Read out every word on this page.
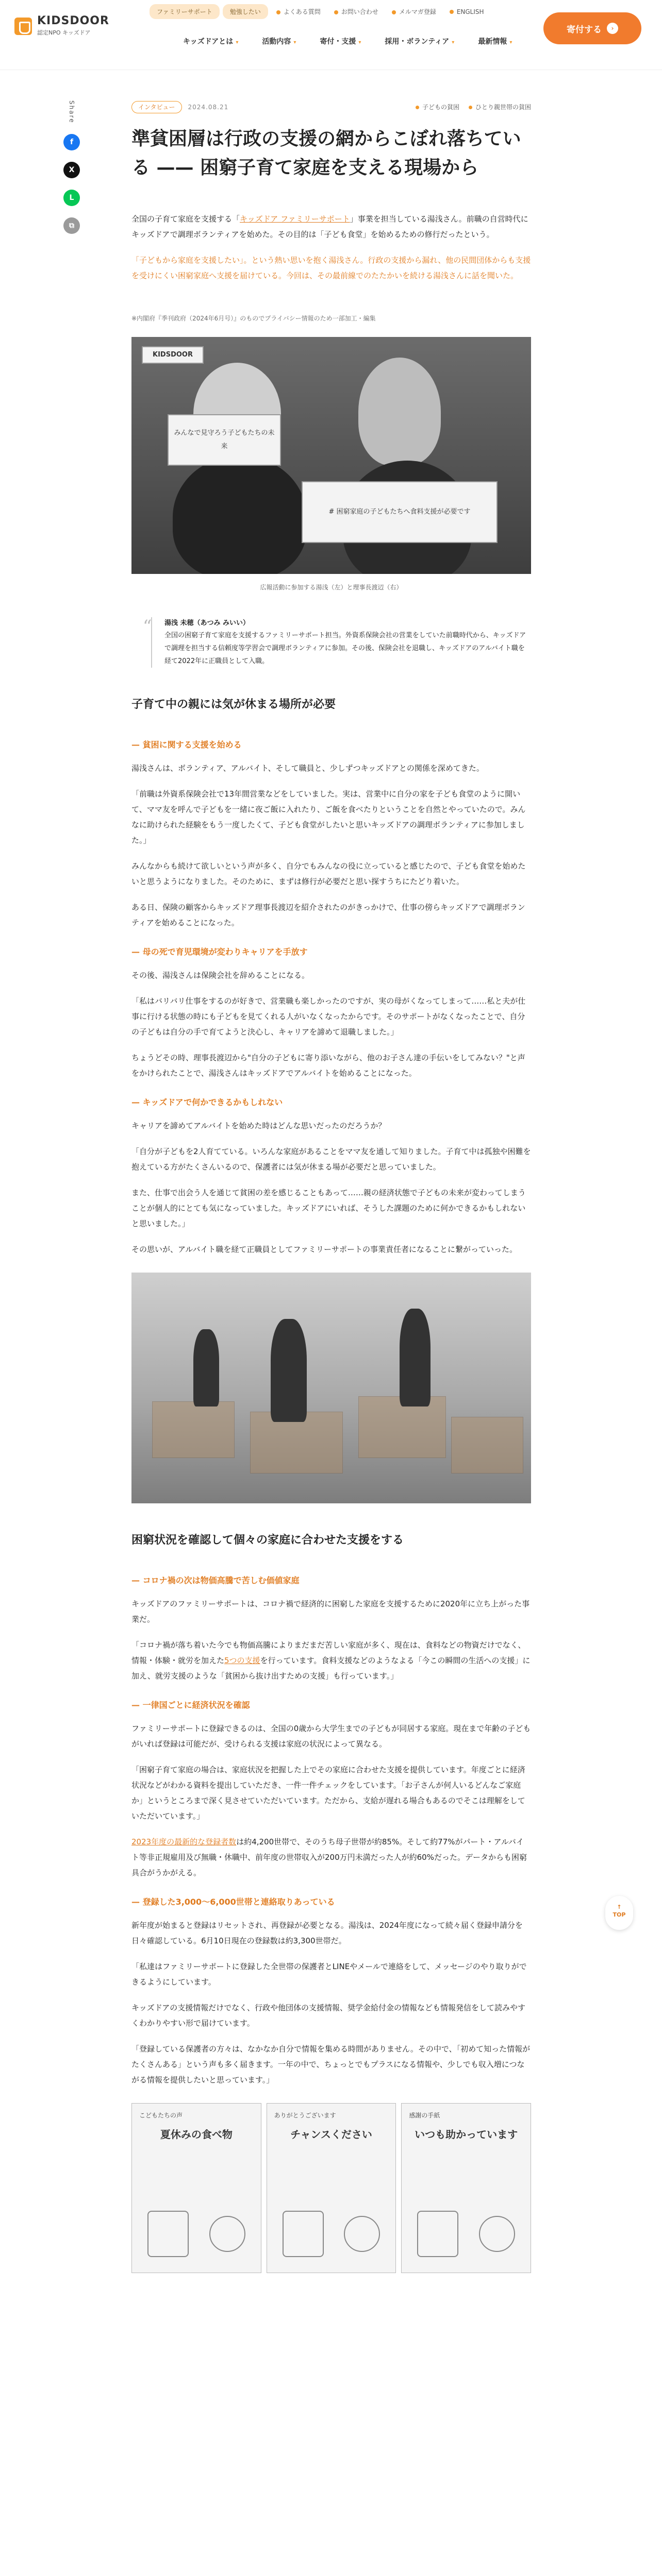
KIDSDOOR
認定NPO キッズドア
ファミリーサポート	勉強したい	よくある質問	お問い合わせ	メルマガ登録	ENGLISH
キッズドアとは ▾	活動内容 ▾	寄付・支援 ▾	採用・ボランティア ▾	最新情報 ▾
寄付する	›
Share
f
X
L
⧉
インタビュー	2024.08.21	子どもの貧困	ひとり親世帯の貧困
準貧困層は行政の支援の網からこぼれ落ちている —— 困窮子育て家庭を支える現場から

全国の子育て家庭を支援する「キッズドア ファミリーサポート」事業を担当している湯浅さん。前職の自営時代にキッズドアで調理ボランティアを始めた。その目的は「子ども食堂」を始めるための修行だったという。

「子どもから家庭を支援したい」。という熱い思いを抱く湯浅さん。行政の支援から漏れ、他の民間団体からも支援を受けにくい困窮家庭へ支援を届けている。今回は、その最前線でのたたかいを続ける湯浅さんに話を聞いた。

※内閣府『季刊政府（2024年6月号）』のものでプライバシー情報のため一部加工・編集
みんなで見守ろう子どもたちの未来
# 困窮家庭の子どもたちへ食料支援が必要です
KIDSDOOR
広報活動に参加する湯浅（左）と理事長渡辺（右）
“ 湯浅 未穂（あつみ みいい）
全国の困窮子育て家庭を支援するファミリーサポート担当。外資系保険会社の営業をしていた前職時代から、キッズドアで調理を担当する信頼度等学習会で調理ボランティアに参加。その後、保険会社を退職し、キッズドアのアルバイト職を経て2022年に正職員として入職。
子育て中の親には気が休まる場所が必要
— 貧困に関する支援を始める

湯浅さんは、ボランティア、アルバイト、そして職員と、少しずつキッズドアとの関係を深めてきた。

「前職は外資系保険会社で13年間営業などをしていました。実は、営業中に自分の家を子ども食堂のように開いて、ママ友を呼んで子どもを一緒に夜ご飯に入れたり、ご飯を食べたりということを自然とやっていたので。みんなに助けられた経験をもう一度したくて、子ども食堂がしたいと思いキッズドアの調理ボランティアに参加しました。」

みんなからも続けて欲しいという声が多く、自分でもみんなの役に立っていると感じたので、子ども食堂を始めたいと思うようになりました。そのために、まずは修行が必要だと思い探すうちにたどり着いた。

ある日、保険の顧客からキッズドア理事長渡辺を紹介されたのがきっかけで、仕事の傍らキッズドアで調理ボランティアを始めることになった。

— 母の死で育児環境が変わりキャリアを手放す

その後、湯浅さんは保険会社を辞めることになる。

「私はバリバリ仕事をするのが好きで、営業職も楽しかったのですが、実の母がくなってしまって……私と夫が仕事に行ける状態の時にも子どもを見てくれる人がいなくなったからです。そのサポートがなくなったことで、自分の子どもは自分の手で育てようと決心し、キャリアを諦めて退職しました。」

ちょうどその時、理事長渡辺から"自分の子どもに寄り添いながら、他のお子さん達の手伝いをしてみない？"と声をかけられたことで、湯浅さんはキッズドアでアルバイトを始めることになった。

— キッズドアで何かできるかもしれない

キャリアを諦めてアルバイトを始めた時はどんな思いだったのだろうか？

「自分が子どもを2人育てている。いろんな家庭があることをママ友を通して知りました。子育て中は孤独や困難を抱えている方がたくさんいるので、保護者には気が休まる場が必要だと思っていました。

また、仕事で出会う人を通じて貧困の差を感じることもあって……親の経済状態で子どもの未来が変わってしまうことが個人的にとても気になっていました。キッズドアにいれば、そうした課題のために何かできるかもしれないと思いました。」

その思いが、アルバイト職を経て正職員としてファミリーサポートの事業責任者になることに繋がっていった。

困窮状況を確認して個々の家庭に合わせた支援をする
— コロナ禍の次は物価高騰で苦しむ価値家庭

キッズドアのファミリーサポートは、コロナ禍で経済的に困窮した家庭を支援するために2020年に立ち上がった事業だ。

「コロナ禍が落ち着いた今でも物価高騰によりまだまだ苦しい家庭が多く、現在は、食料などの物資だけでなく、情報・体験・就労を加えた5つの支援を行っています。食料支援などのようなよる「今この瞬間の生活への支援」に加え、就労支援のような「貧困から抜け出すための支援」も行っています。」

— 一律国ごとに経済状況を確認

ファミリーサポートに登録できるのは、全国の0歳から大学生までの子どもが同居する家庭。現在まで年齢の子どもがいれば登録は可能だが、受けられる支援は家庭の状況によって異なる。

「困窮子育て家庭の場合は、家庭状況を把握した上でその家庭に合わせた支援を提供しています。年度ごとに経済状況などがわかる資料を提出していただき、一件一件チェックをしています。「お子さんが何人いるどんなご家庭か」というところまで深く見させていただいています。ただから、支給が遅れる場合もあるのでそこは理解をしていただいています。」

2023年度の最新的な登録者数は約4,200世帯で、そのうち母子世帯が約85%。そして約77%がパート・アルバイト等非正規雇用及び無職・休職中、前年度の世帯収入が200万円未満だった人が約60%だった。データからも困窮具合がうかがえる。

— 登録した3,000〜6,000世帯と連絡取りあっている

新年度が始まると登録はリセットされ、再登録が必要となる。湯浅は、2024年度になって続々届く登録申請分を日々確認している。6月10日現在の登録数は約3,300世帯だ。

「私達はファミリーサポートに登録した全世帯の保護者とLINEやメールで連絡をして、メッセージのやり取りができるようにしています。

キッズドアの支援情報だけでなく、行政や他団体の支援情報、奨学金給付金の情報なども情報発信をして読みやすくわかりやすい形で届けています。

「登録している保護者の方々は、なかなか自分で情報を集める時間がありません。その中で、「初めて知った情報がたくさんある」という声も多く届きます。一年の中で、ちょっとでもプラスになる情報や、少しでも収入増につながる情報を提供したいと思っています。」

こどもたちの声
夏休みの食べ物
ありがとうございます
チャンスください
感謝の手紙
いつも助かっています
↑
TOP
